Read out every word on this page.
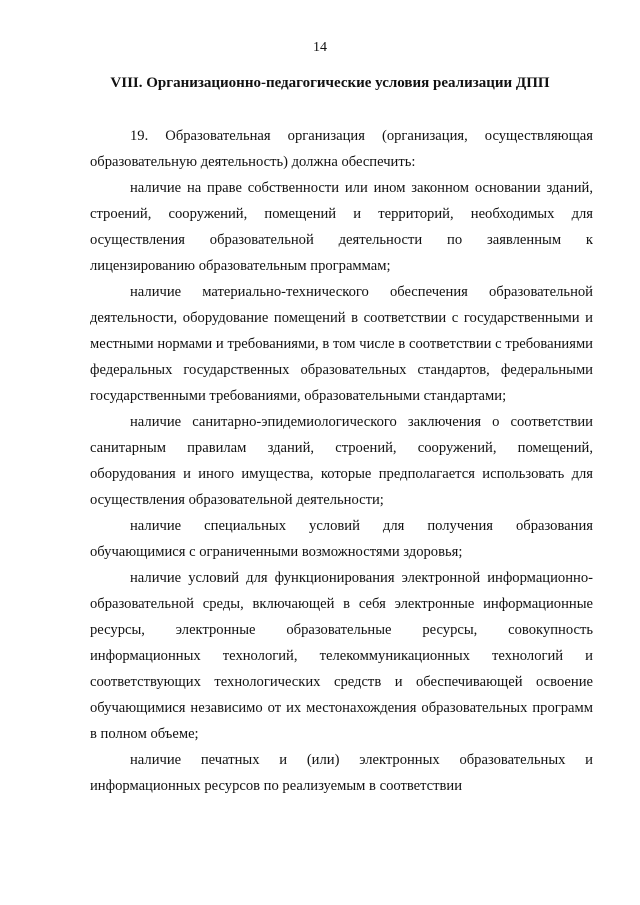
14
VIII. Организационно-педагогические условия реализации ДПП

19. Образовательная организация (организация, осуществляющая образовательную деятельность) должна обеспечить:

наличие на праве собственности или ином законном основании зданий, строений, сооружений, помещений и территорий, необходимых для осуществления образовательной деятельности по заявленным к лицензированию образовательным программам;

наличие материально-технического обеспечения образовательной деятельности, оборудование помещений в соответствии с государственными и местными нормами и требованиями, в том числе в соответствии с требованиями федеральных государственных образовательных стандартов, федеральными государственными требованиями, образовательными стандартами;

наличие санитарно-эпидемиологического заключения о соответствии санитарным правилам зданий, строений, сооружений, помещений, оборудования и иного имущества, которые предполагается использовать для осуществления образовательной деятельности;

наличие специальных условий для получения образования обучающимися с ограниченными возможностями здоровья;

наличие условий для функционирования электронной информационно-образовательной среды, включающей в себя электронные информационные ресурсы, электронные образовательные ресурсы, совокупность информационных технологий, телекоммуникационных технологий и соответствующих технологических средств и обеспечивающей освоение обучающимися независимо от их местонахождения образовательных программ в полном объеме;

наличие печатных и (или) электронных образовательных и информационных ресурсов по реализуемым в соответствии
